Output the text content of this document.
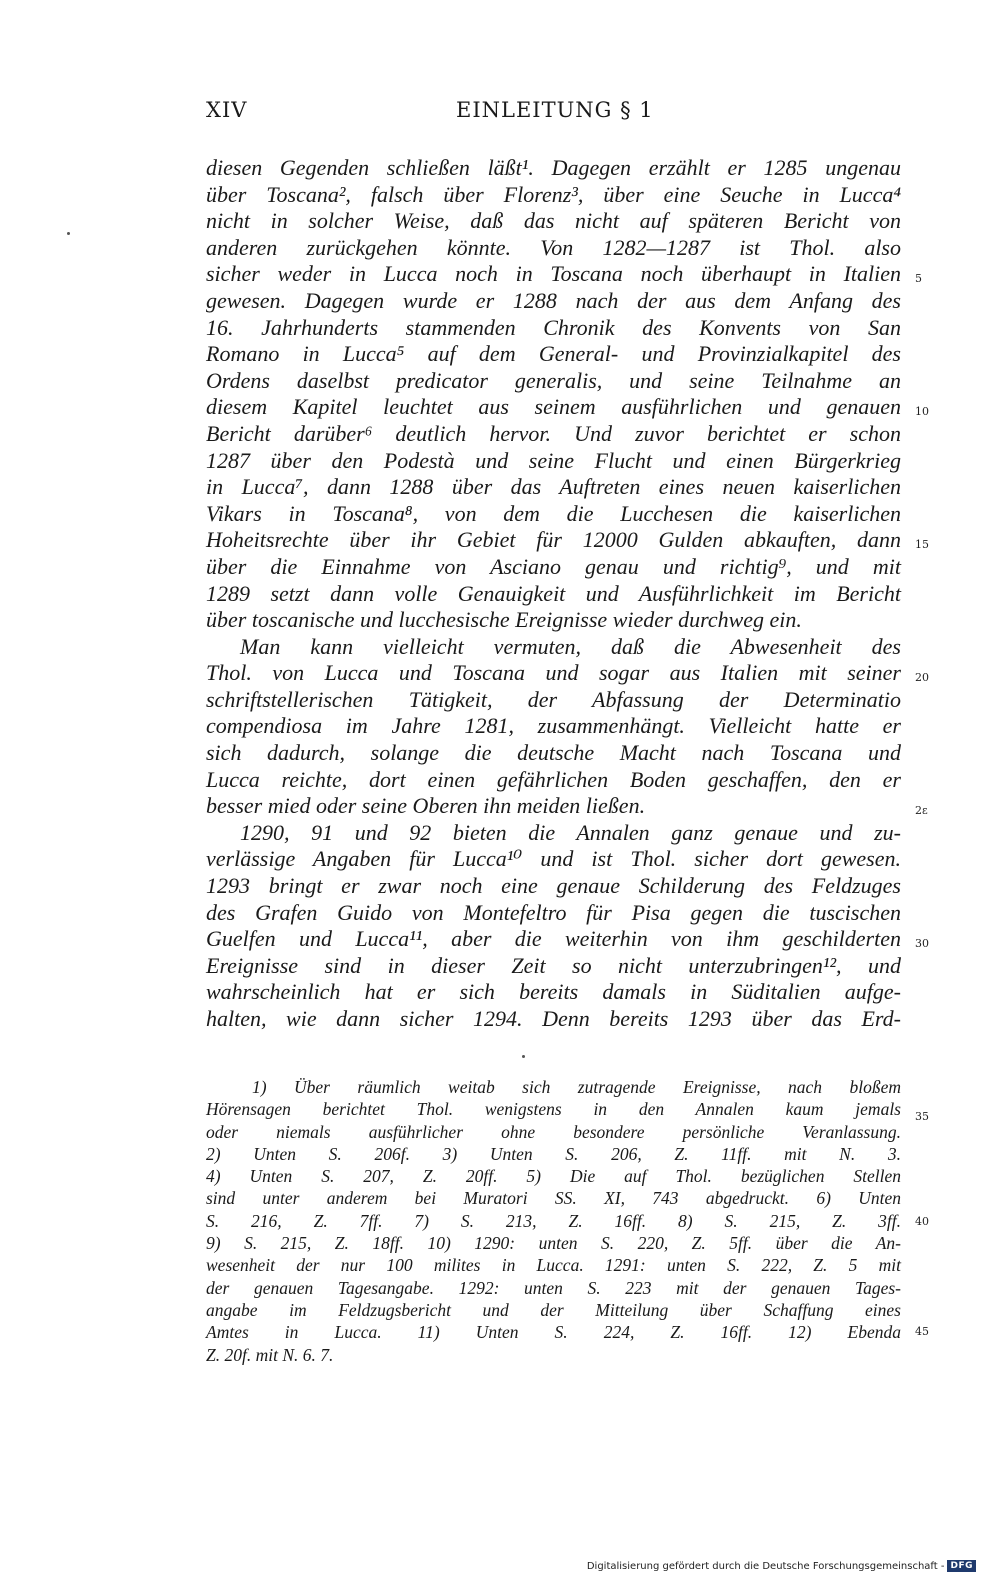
XIV	EINLEITUNG § 1
diesen Gegenden schließen läßt¹. Dagegen erzählt er 1285 ungenau
über Toscana², falsch über Florenz³, über eine Seuche in Lucca⁴
nicht in solcher Weise, daß das nicht auf späteren Bericht von
anderen zurückgehen könnte. Von 1282—1287 ist Thol. also
sicher weder in Lucca noch in Toscana noch überhaupt in Italien
gewesen. Dagegen wurde er 1288 nach der aus dem Anfang des
16. Jahrhunderts stammenden Chronik des Konvents von San
Romano in Lucca⁵ auf dem General- und Provinzialkapitel des
Ordens daselbst predicator generalis, und seine Teilnahme an
diesem Kapitel leuchtet aus seinem ausführlichen und genauen
Bericht darüber⁶ deutlich hervor. Und zuvor berichtet er schon
1287 über den Podestà und seine Flucht und einen Bürgerkrieg
in Lucca⁷, dann 1288 über das Auftreten eines neuen kaiserlichen
Vikars in Toscana⁸, von dem die Lucchesen die kaiserlichen
Hoheitsrechte über ihr Gebiet für 12000 Gulden abkauften, dann
über die Einnahme von Asciano genau und richtig⁹, und mit
1289 setzt dann volle Genauigkeit und Ausführlichkeit im Bericht
über toscanische und lucchesische Ereignisse wieder durchweg ein.
Man kann vielleicht vermuten, daß die Abwesenheit des
Thol. von Lucca und Toscana und sogar aus Italien mit seiner
schriftstellerischen Tätigkeit, der Abfassung der Determinatio
compendiosa im Jahre 1281, zusammenhängt. Vielleicht hatte er
sich dadurch, solange die deutsche Macht nach Toscana und
Lucca reichte, dort einen gefährlichen Boden geschaffen, den er
besser mied oder seine Oberen ihn meiden ließen.
1290, 91 und 92 bieten die Annalen ganz genaue und zu-
verlässige Angaben für Lucca¹⁰ und ist Thol. sicher dort gewesen.
1293 bringt er zwar noch eine genaue Schilderung des Feldzuges
des Grafen Guido von Montefeltro für Pisa gegen die tuscischen
Guelfen und Lucca¹¹, aber die weiterhin von ihm geschilderten
Ereignisse sind in dieser Zeit so nicht unterzubringen¹², und
wahrscheinlich hat er sich bereits damals in Süditalien aufge-
halten, wie dann sicher 1294. Denn bereits 1293 über das Erd-
1) Über räumlich weitab sich zutragende Ereignisse, nach bloßem
Hörensagen berichtet Thol. wenigstens in den Annalen kaum jemals
oder niemals ausführlicher ohne besondere persönliche Veranlassung.
2) Unten S. 206f. 3) Unten S. 206, Z. 11ff. mit N. 3.
4) Unten S. 207, Z. 20ff. 5) Die auf Thol. bezüglichen Stellen
sind unter anderem bei Muratori SS. XI, 743 abgedruckt. 6) Unten
S. 216, Z. 7ff. 7) S. 213, Z. 16ff. 8) S. 215, Z. 3ff.
9) S. 215, Z. 18ff. 10) 1290: unten S. 220, Z. 5ff. über die An-
wesenheit der nur 100 milites in Lucca. 1291: unten S. 222, Z. 5 mit
der genauen Tagesangabe. 1292: unten S. 223 mit der genauen Tages-
angabe im Feldzugsbericht und der Mitteilung über Schaffung eines
Amtes in Lucca. 11) Unten S. 224, Z. 16ff. 12) Ebenda
Z. 20f. mit N. 6. 7.
5
10
15
20
2ɛ
30
35
40
45
Digitalisierung gefördert durch die Deutsche Forschungsgemeinschaft - DFG
